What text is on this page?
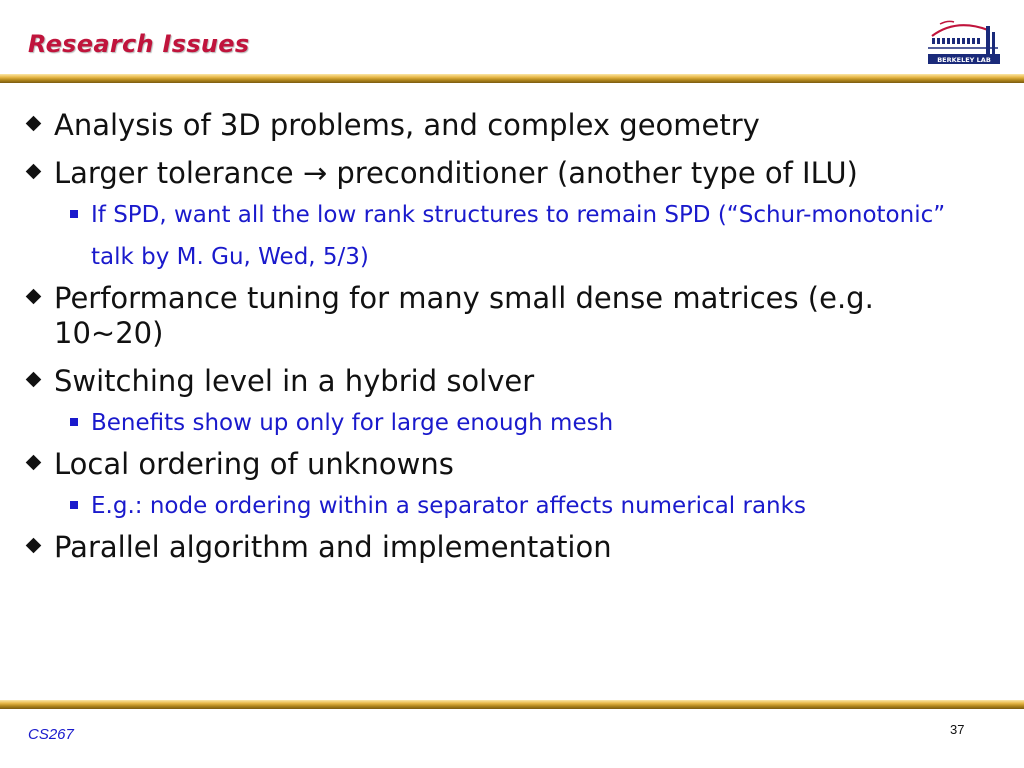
Research Issues
BERKELEY LAB
Analysis of 3D problems, and complex geometry
Larger tolerance → preconditioner (another type of ILU)
If SPD, want all the low rank structures to remain SPD (“Schur-monotonic” talk by M. Gu, Wed, 5/3)
Performance tuning for many small dense matrices (e.g. 10~20)
Switching level in a hybrid solver
Benefits show up only for large enough mesh
Local ordering of unknowns
E.g.: node ordering within a separator affects numerical ranks
Parallel algorithm and implementation
CS267	37
